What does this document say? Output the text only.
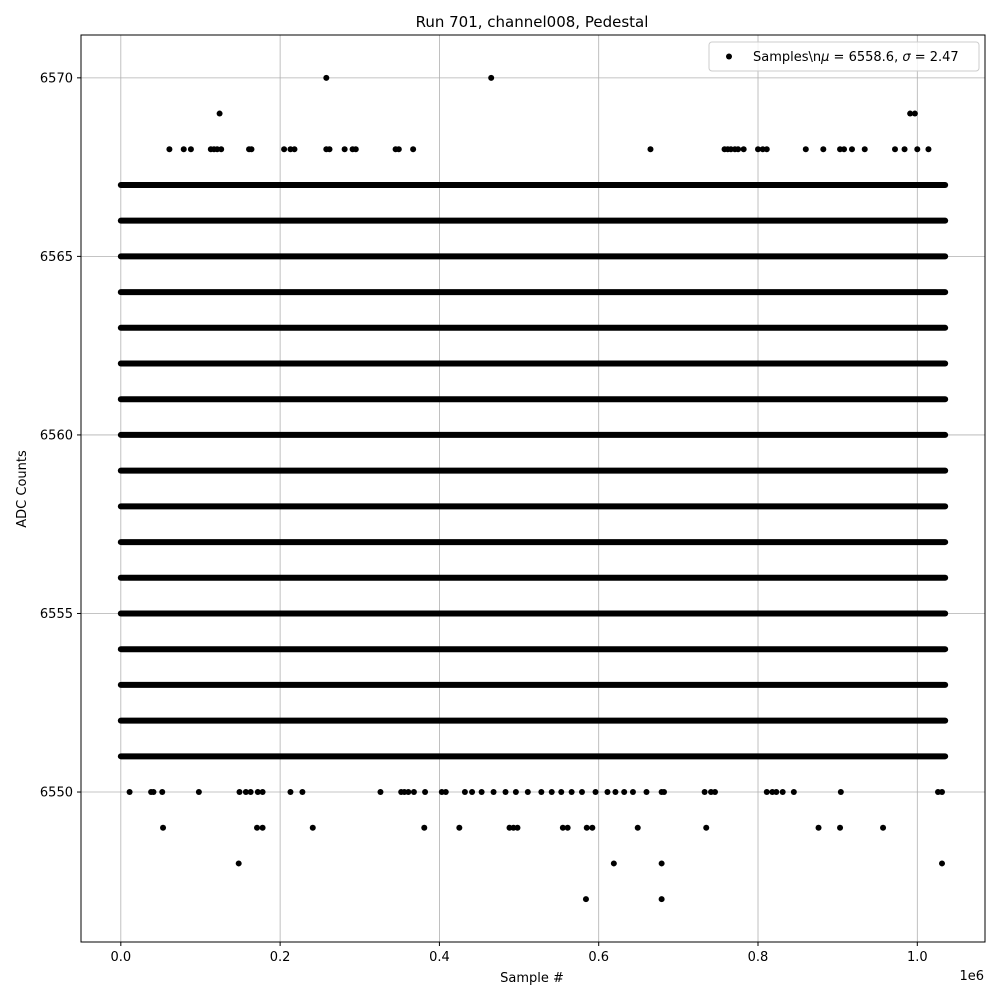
0.0	0.2	0.4	0.6	0.8	1.0
6550
6555
6560
6565
6570
Run 701, channel008, Pedestal
Sample #
ADC Counts
1e6
Samples\nμ = 6558.6, σ = 2.47
